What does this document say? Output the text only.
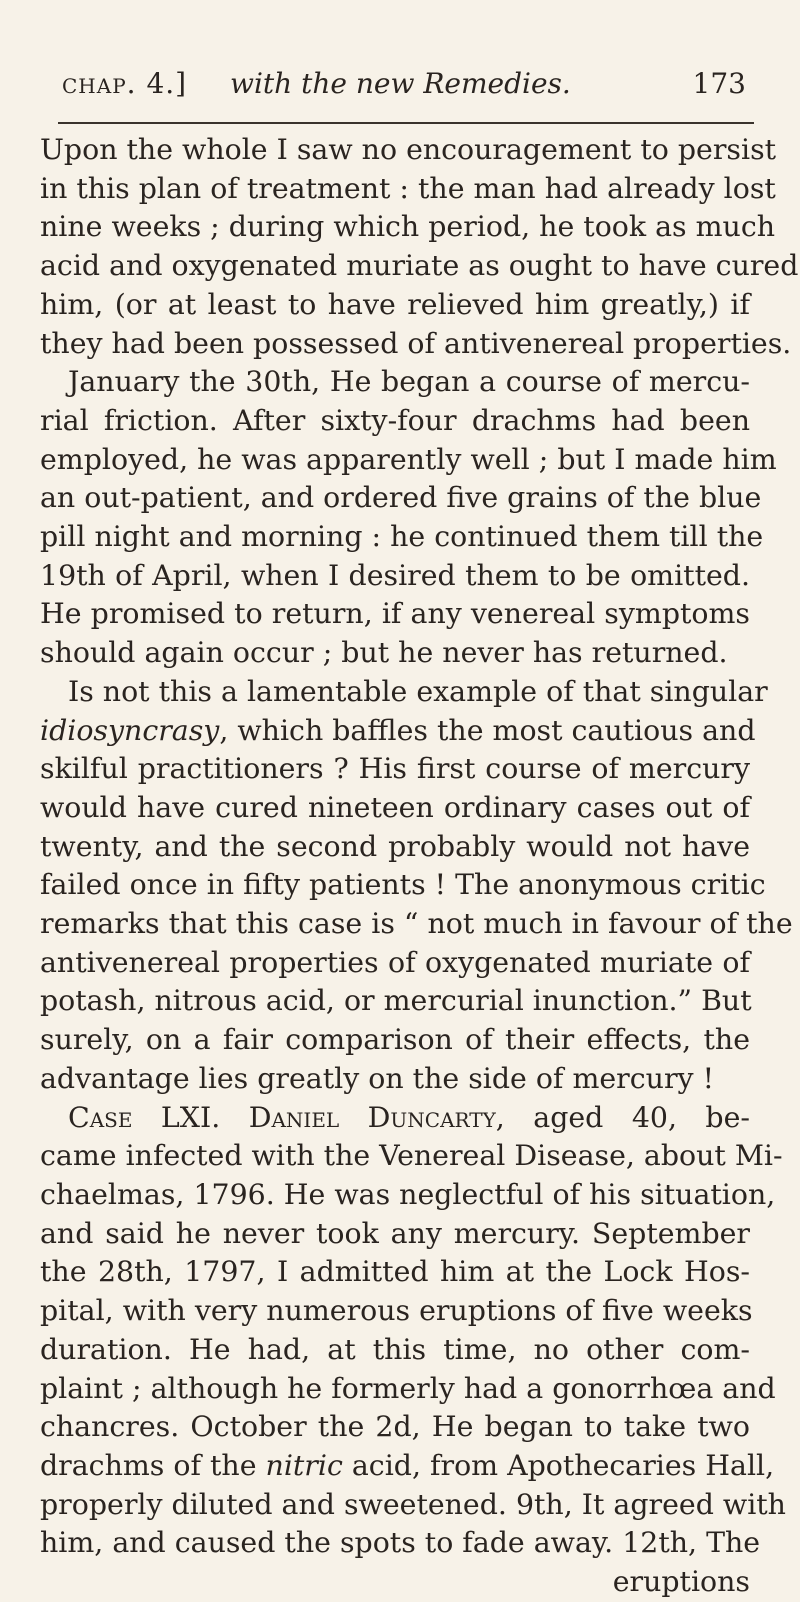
chap. 4.] with the new Remedies.	173

Upon the whole I saw no encouragement to persist
in this plan of treatment : the man had already lost
nine weeks ; during which period, he took as much
acid and oxygenated muriate as ought to have cured
him, (or at least to have relieved him greatly,) if
they had been possessed of antivenereal properties.

January the 30th, He began a course of mercu-
rial friction. After sixty-four drachms had been
employed, he was apparently well ; but I made him
an out-patient, and ordered five grains of the blue
pill night and morning : he continued them till the
19th of April, when I desired them to be omitted.
He promised to return, if any venereal symptoms
should again occur ; but he never has returned.

Is not this a lamentable example of that singular
idiosyncrasy, which baffles the most cautious and
skilful practitioners ? His first course of mercury
would have cured nineteen ordinary cases out of
twenty, and the second probably would not have
failed once in fifty patients ! The anonymous critic
remarks that this case is “ not much in favour of the
antivenereal properties of oxygenated muriate of
potash, nitrous acid, or mercurial inunction.” But
surely, on a fair comparison of their effects, the
advantage lies greatly on the side of mercury !

Case LXI. Daniel Duncarty, aged 40, be-
came infected with the Venereal Disease, about Mi-
chaelmas, 1796. He was neglectful of his situation,
and said he never took any mercury. September
the 28th, 1797, I admitted him at the Lock Hos-
pital, with very numerous eruptions of five weeks
duration. He had, at this time, no other com-
plaint ; although he formerly had a gonorrhœa and
chancres. October the 2d, He began to take two
drachms of the nitric acid, from Apothecaries Hall,
properly diluted and sweetened. 9th, It agreed with
him, and caused the spots to fade away. 12th, The
eruptions
